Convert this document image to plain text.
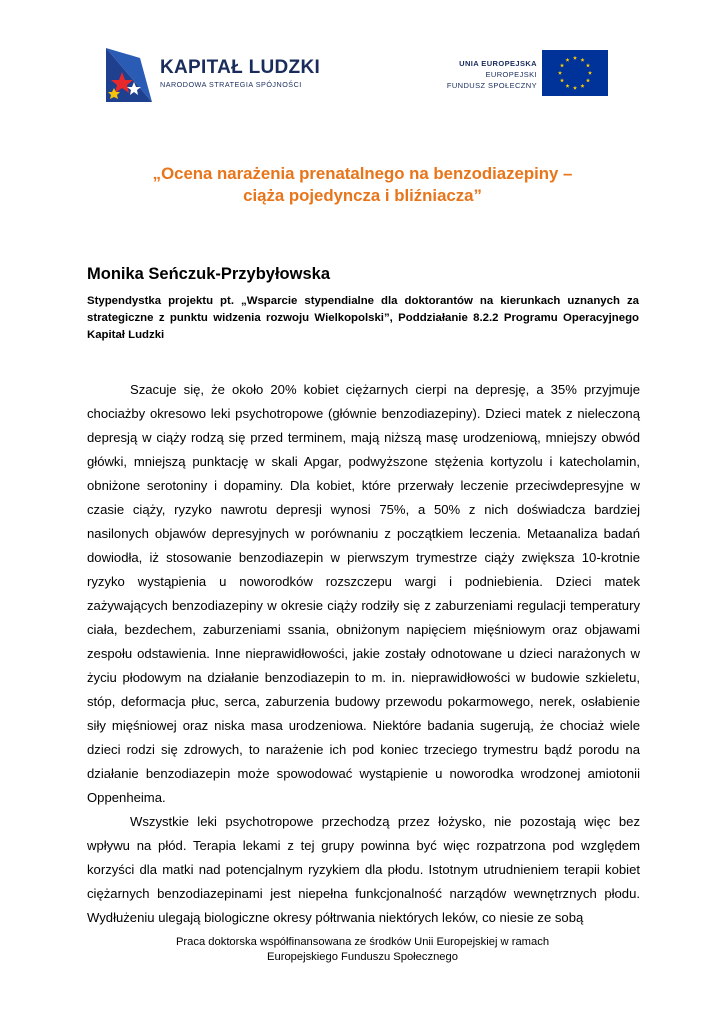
KAPITAŁ LUDZKI
NARODOWA STRATEGIA SPÓJNOŚCI
UNIA EUROPEJSKA
EUROPEJSKI
FUNDUSZ SPOŁECZNY
„Ocena narażenia prenatalnego na benzodiazepiny –
ciąża pojedyncza i bliźniacza”
Monika Seńczuk-Przybyłowska
Stypendystka projektu pt. „Wsparcie stypendialne dla doktorantów na kierunkach uznanych za strategiczne z punktu widzenia rozwoju Wielkopolski”, Poddziałanie 8.2.2 Programu Operacyjnego Kapitał Ludzki

Szacuje się, że około 20% kobiet ciężarnych cierpi na depresję, a 35% przyjmuje chociażby okresowo leki psychotropowe (głównie benzodiazepiny). Dzieci matek z nieleczoną depresją w ciąży rodzą się przed terminem, mają niższą masę urodzeniową, mniejszy obwód główki, mniejszą punktację w skali Apgar, podwyższone stężenia kortyzolu i katecholamin, obniżone serotoniny i dopaminy. Dla kobiet, które przerwały leczenie przeciwdepresyjne w czasie ciąży, ryzyko nawrotu depresji wynosi 75%, a 50% z nich doświadcza bardziej nasilonych objawów depresyjnych w porównaniu z początkiem leczenia. Metaanaliza badań dowiodła, iż stosowanie benzodiazepin w pierwszym trymestrze ciąży zwiększa 10-krotnie ryzyko wystąpienia u noworodków rozszczepu wargi i podniebienia. Dzieci matek zażywających benzodiazepiny w okresie ciąży rodziły się z zaburzeniami regulacji temperatury ciała, bezdechem, zaburzeniami ssania, obniżonym napięciem mięśniowym oraz objawami zespołu odstawienia. Inne nieprawidłowości, jakie zostały odnotowane u dzieci narażonych w życiu płodowym na działanie benzodiazepin to m. in. nieprawidłowości w budowie szkieletu, stóp, deformacja płuc, serca, zaburzenia budowy przewodu pokarmowego, nerek, osłabienie siły mięśniowej oraz niska masa urodzeniowa. Niektóre badania sugerują, że chociaż wiele dzieci rodzi się zdrowych, to narażenie ich pod koniec trzeciego trymestru bądź porodu na działanie benzodiazepin może spowodować wystąpienie u noworodka wrodzonej amiotonii Oppenheima.

Wszystkie leki psychotropowe przechodzą przez łożysko, nie pozostają więc bez wpływu na płód. Terapia lekami z tej grupy powinna być więc rozpatrzona pod względem korzyści dla matki nad potencjalnym ryzykiem dla płodu. Istotnym utrudnieniem terapii kobiet ciężarnych benzodiazepinami jest niepełna funkcjonalność narządów wewnętrznych płodu. Wydłużeniu ulegają biologiczne okresy półtrwania niektórych leków, co niesie ze sobą

Praca doktorska współfinansowana ze środków Unii Europejskiej w ramach
Europejskiego Funduszu Społecznego
